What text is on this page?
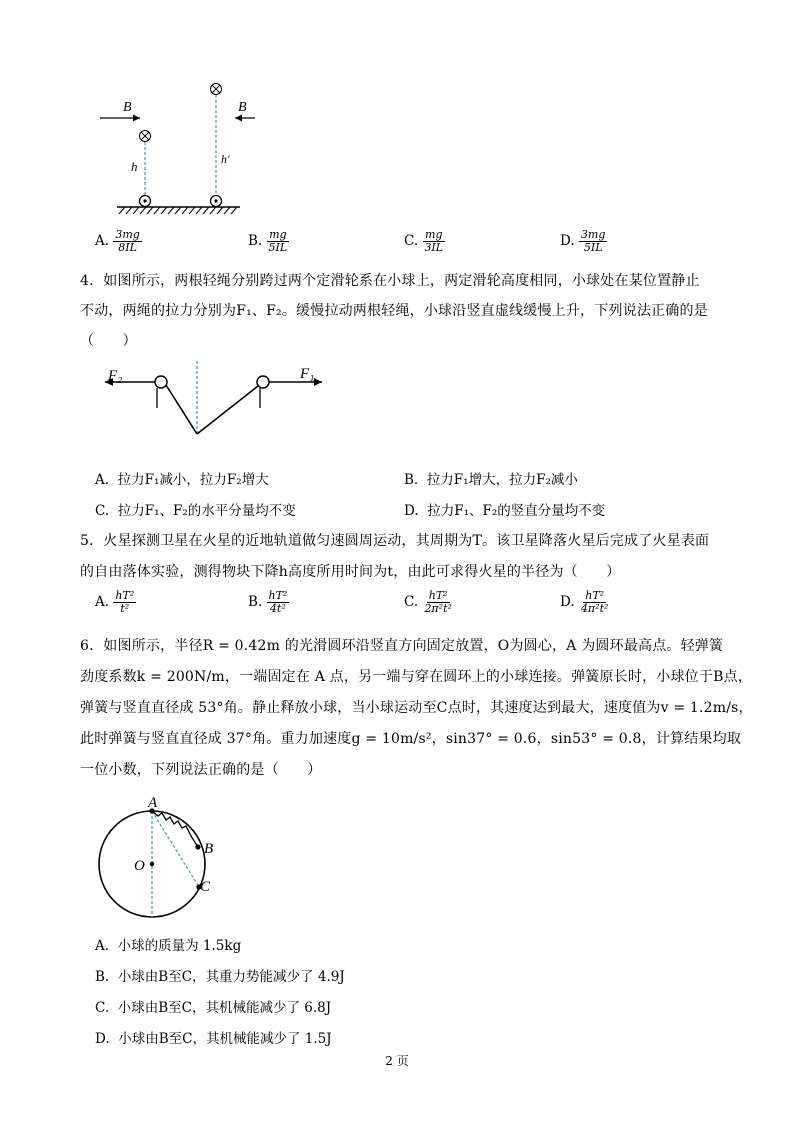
B	B
h	h′
A. $\frac{3mg}{8IL}$	B. $\frac{mg}{5IL}$	C. $\frac{mg}{3IL}$	D. $\frac{3mg}{5IL}$
4．如图所示，两根轻绳分别跨过两个定滑轮系在小球上，两定滑轮高度相同，小球处在某位置静止
不动，两绳的拉力分别为F₁、F₂。缓慢拉动两根轻绳，小球沿竖直虚线缓慢上升，下列说法正确的是
（　　）
F₂	F₁
A. 拉力F₁减小，拉力F₂增大	B. 拉力F₁增大，拉力F₂减小
C. 拉力F₁、F₂的水平分量均不变	D. 拉力F₁、F₂的竖直分量均不变
5．火星探测卫星在火星的近地轨道做匀速圆周运动，其周期为T。该卫星降落火星后完成了火星表面
的自由落体实验，测得物块下降h高度所用时间为t，由此可求得火星的半径为（　　）
A. $\frac{\text{hT²}}{\text{t²}}$	B. $\frac{\text{hT²}}{\text{4t²}}$	C. $\frac{\text{hT²}}{\text{2π²t²}}$	D. $\frac{\text{hT²}}{\text{4π²t²}}$
6．如图所示，半径R = 0.42m 的光滑圆环沿竖直方向固定放置，O为圆心，A 为圆环最高点。轻弹簧
劲度系数k = 200N/m，一端固定在 A 点，另一端与穿在圆环上的小球连接。弹簧原长时，小球位于B点，
弹簧与竖直直径成 53°角。静止释放小球，当小球运动至C点时，其速度达到最大，速度值为v = 1.2m/s，
此时弹簧与竖直直径成 37°角。重力加速度g = 10m/s²，sin37° = 0.6，sin53° = 0.8，计算结果均取
一位小数，下列说法正确的是（　　）
A
B
C
O
A. 小球的质量为 1.5kg
B. 小球由B至C，其重力势能减少了 4.9J
C. 小球由B至C，其机械能减少了 6.8J
D. 小球由B至C，其机械能减少了 1.5J
2 页
